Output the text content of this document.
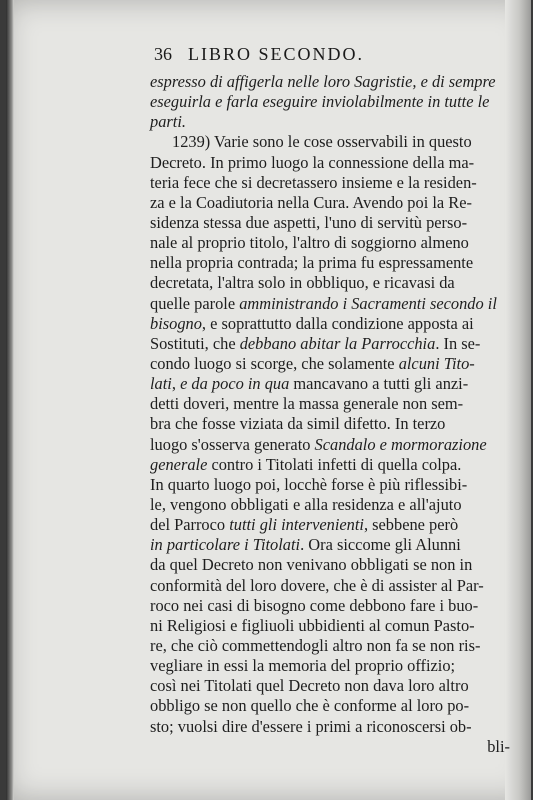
36 LIBRO SECONDO.
espresso di affigerla nelle loro Sagristie, e di sempre
eseguirla e farla eseguire inviolabilmente in tutte le
parti.
1239) Varie sono le cose osservabili in questo
Decreto. In primo luogo la connessione della ma-
teria fece che si decretassero insieme e la residen-
za e la Coadiutoria nella Cura. Avendo poi la Re-
sidenza stessa due aspetti, l'uno di servitù perso-
nale al proprio titolo, l'altro di soggiorno almeno
nella propria contrada; la prima fu espressamente
decretata, l'altra solo in obbliquo, e ricavasi da
quelle parole amministrando i Sacramenti secondo il
bisogno, e soprattutto dalla condizione apposta ai
Sostituti, che debbano abitar la Parrocchia. In se-
condo luogo si scorge, che solamente alcuni Tito-
lati, e da poco in qua mancavano a tutti gli anzi-
detti doveri, mentre la massa generale non sem-
bra che fosse viziata da simil difetto. In terzo
luogo s'osserva generato Scandalo e mormorazione
generale contro i Titolati infetti di quella colpa.
In quarto luogo poi, locchè forse è più riflessibi-
le, vengono obbligati e alla residenza e all'ajuto
del Parroco tutti gli intervenienti, sebbene però
in particolare i Titolati. Ora siccome gli Alunni
da quel Decreto non venivano obbligati se non in
conformità del loro dovere, che è di assister al Par-
roco nei casi di bisogno come debbono fare i buo-
ni Religiosi e figliuoli ubbidienti al comun Pasto-
re, che ciò commettendogli altro non fa se non ris-
vegliare in essi la memoria del proprio offizio;
così nei Titolati quel Decreto non dava loro altro
obbligo se non quello che è conforme al loro po-
sto; vuolsi dire d'essere i primi a riconoscersi ob-
bli-
